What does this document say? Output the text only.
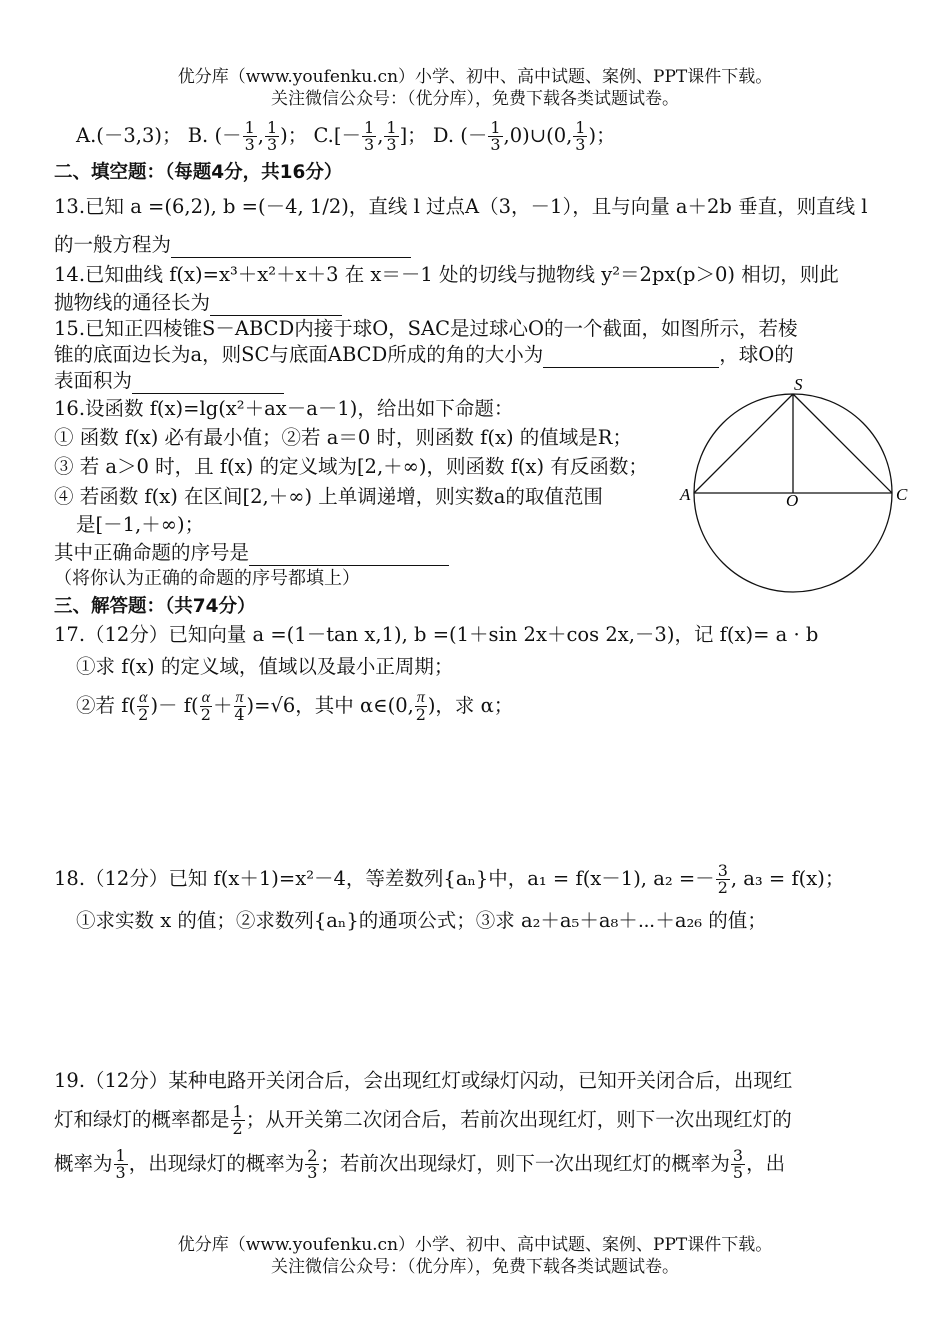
优分库（www.youfenku.cn）小学、初中、高中试题、案例、PPT课件下载。
关注微信公众号：（优分库），免费下载各类试题试卷。
A.(－3,3)； B. (－ $\frac{1}{3}$ , $\frac{1}{3}$ )； $C.[- \frac{1}{3}$ , $\frac{1}{3}$ ]； D. (－ $\frac{1}{3}$ ,0)∪(0, $\frac{1}{3}$ )；
二、填空题：（每题4分，共16分）
13.已知 a =(6,2), b =(－4, 1/2)，直线 l 过点A（3，－1），且与向量 a＋2b 垂直，则直线 l
的一般方程为
14.已知曲线 f(x)=x³＋x²＋x＋3 在 x＝－1 处的切线与抛物线 y²＝2px(p＞0) 相切，则此
抛物线的通径长为
15.已知正四棱锥S－ABCD内接于球O，SAC是过球心O的一个截面，如图所示，若棱
锥的底面边长为a，则SC与底面ABCD所成的角的大小为	，球O的
表面积为
16.设函数 f(x)=lg(x²＋ax－a－1)，给出如下命题：
① 函数 f(x) 必有最小值；②若 a＝0 时，则函数 f(x) 的值域是R；
③ 若 a＞0 时，且 f(x) 的定义域为[2,＋∞)，则函数 f(x) 有反函数；
④ 若函数 f(x) 在区间[2,＋∞) 上单调递增，则实数a的取值范围
是[－1,＋∞)；
其中正确命题的序号是
（将你认为正确的命题的序号都填上）
S
A	O	C
三、解答题：（共74分）
17.（12分）已知向量 a =(1－tan x,1), b =(1＋sin 2x＋cos 2x,－3)，记 f(x)= a · b
①求 f(x) 的定义域，值域以及最小正周期；
②若 $f( \frac{\alpha}{2}$ )－ $f( \frac{\alpha}{2} + \frac{\pi}{4} )=√6$，其中 α∈(0, $\frac{\pi}{2}$ )，求 α；
18.（12分）已知 f(x＋1)=x²－4，等差数列{aₙ}中，a₁ = f(x－1), $a_2 =- \frac{3}{2}$ , a₃ = f(x)；
①求实数 x 的值；②求数列{aₙ}的通项公式；③求 a₂＋a₅＋a₈＋⋯＋a₂₆ 的值；
19.（12分）某种电路开关闭合后，会出现红灯或绿灯闪动，已知开关闭合后，出现红
灯和绿灯的概率都是 $\frac{1}{2}$ ；从开关第二次闭合后，若前次出现红灯，则下一次出现红灯的
概率为 $\frac{1}{3}$ ，出现绿灯的概率为 $\frac{2}{3}$ ；若前次出现绿灯，则下一次出现红灯的概率为 $\frac{3}{5}$ ，出
优分库（www.youfenku.cn）小学、初中、高中试题、案例、PPT课件下载。
关注微信公众号：（优分库），免费下载各类试题试卷。
